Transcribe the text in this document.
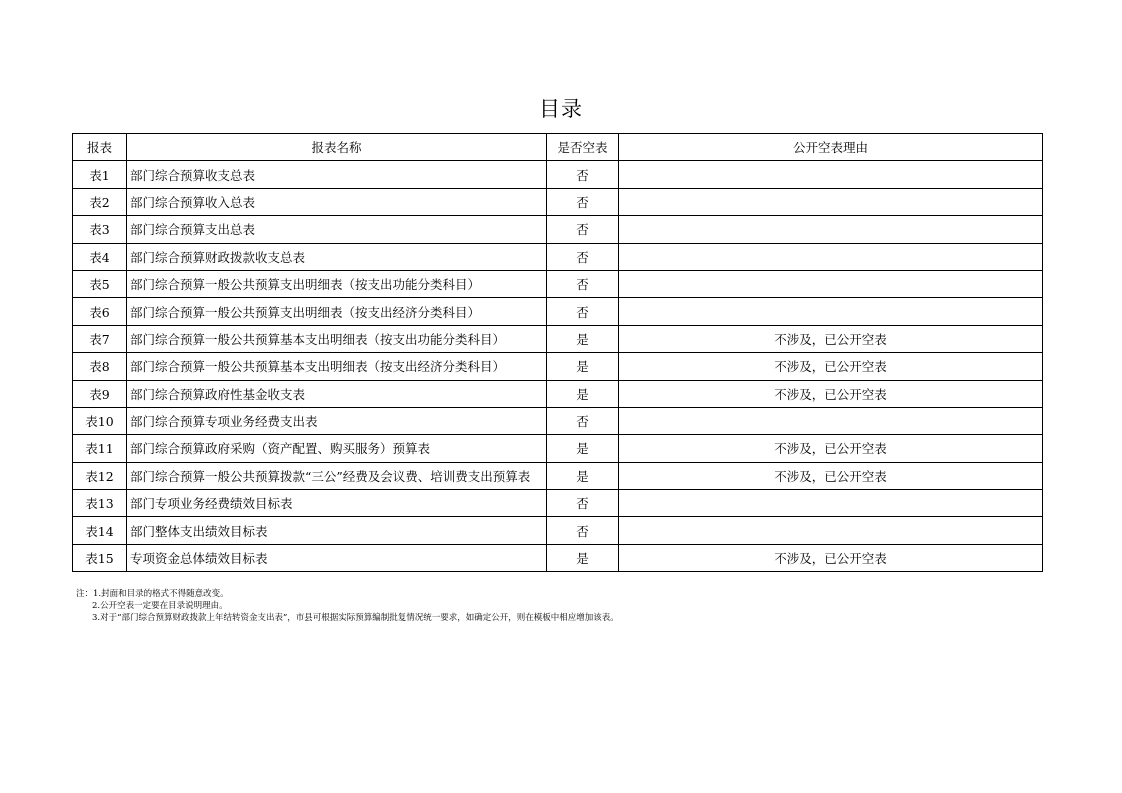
目录
报表	报表名称	是否空表	公开空表理由
表1	部门综合预算收支总表	否	
表2	部门综合预算收入总表	否	
表3	部门综合预算支出总表	否	
表4	部门综合预算财政拨款收支总表	否	
表5	部门综合预算一般公共预算支出明细表（按支出功能分类科目）	否	
表6	部门综合预算一般公共预算支出明细表（按支出经济分类科目）	否	
表7	部门综合预算一般公共预算基本支出明细表（按支出功能分类科目）	是	不涉及，已公开空表
表8	部门综合预算一般公共预算基本支出明细表（按支出经济分类科目）	是	不涉及，已公开空表
表9	部门综合预算政府性基金收支表	是	不涉及，已公开空表
表10	部门综合预算专项业务经费支出表	否	
表11	部门综合预算政府采购（资产配置、购买服务）预算表	是	不涉及，已公开空表
表12	部门综合预算一般公共预算拨款“三公”经费及会议费、培训费支出预算表	是	不涉及，已公开空表
表13	部门专项业务经费绩效目标表	否	
表14	部门整体支出绩效目标表	否	
表15	专项资金总体绩效目标表	是	不涉及，已公开空表
注：1.封面和目录的格式不得随意改变。
2.公开空表一定要在目录说明理由。
3.对于“部门综合预算财政拨款上年结转资金支出表”，市县可根据实际预算编制批复情况统一要求，如确定公开，则在模板中相应增加该表。
